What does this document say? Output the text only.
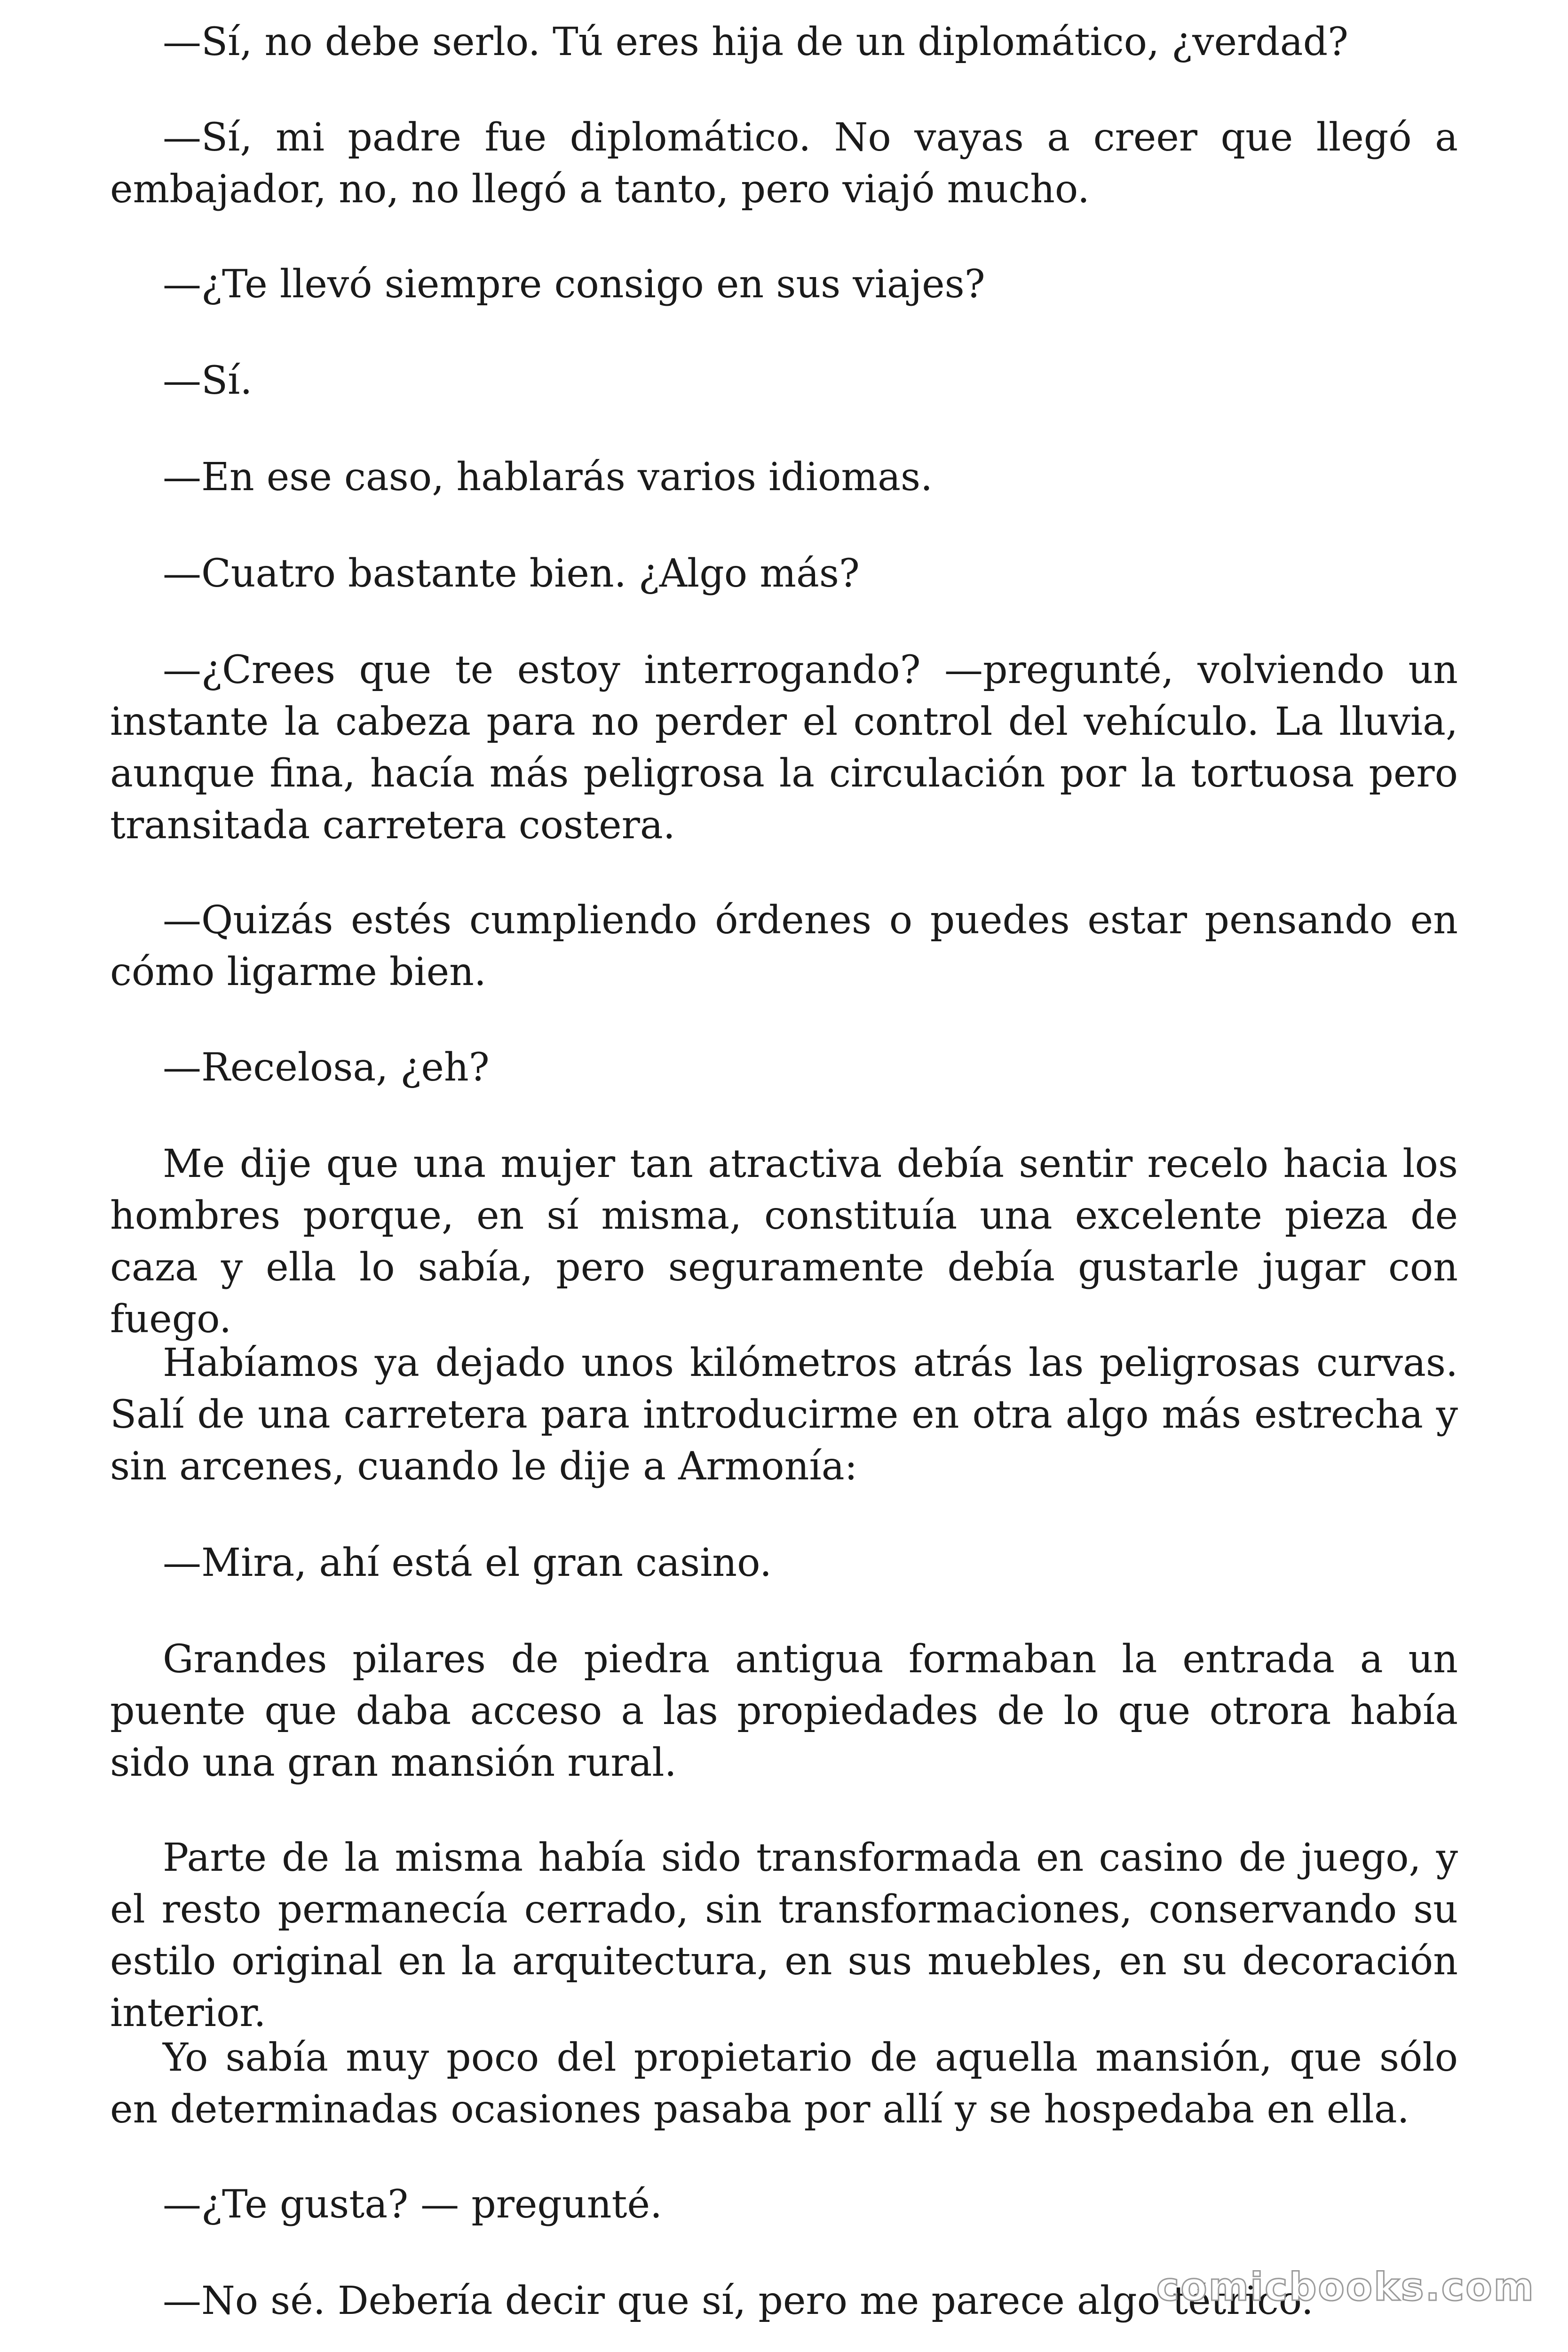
—Sí, no debe serlo. Tú eres hija de un diplomático, ¿verdad?

—Sí, mi padre fue diplomático. No vayas a creer que llegó a embajador, no, no llegó a tanto, pero viajó mucho.

—¿Te llevó siempre consigo en sus viajes?

—Sí.

—En ese caso, hablarás varios idiomas.

—Cuatro bastante bien. ¿Algo más?

—¿Crees que te estoy interrogando? —pregunté, volviendo un instante la cabeza para no perder el control del vehículo. La lluvia, aunque fina, hacía más peligrosa la circulación por la tortuosa pero transitada carretera costera.

—Quizás estés cumpliendo órdenes o puedes estar pensando en cómo ligarme bien.

—Recelosa, ¿eh?

Me dije que una mujer tan atractiva debía sentir recelo hacia los hombres porque, en sí misma, constituía una excelente pieza de caza y ella lo sabía, pero seguramente debía gustarle jugar con fuego.

Habíamos ya dejado unos kilómetros atrás las peligrosas curvas. Salí de una carretera para introducirme en otra algo más estrecha y sin arcenes, cuando le dije a Armonía:

—Mira, ahí está el gran casino.

Grandes pilares de piedra antigua formaban la entrada a un puente que daba acceso a las propiedades de lo que otrora había sido una gran mansión rural.

Parte de la misma había sido transformada en casino de juego, y el resto permanecía cerrado, sin transformaciones, conservando su estilo original en la arquitectura, en sus muebles, en su decoración interior.

Yo sabía muy poco del propietario de aquella mansión, que sólo en determinadas ocasiones pasaba por allí y se hospedaba en ella.

—¿Te gusta? — pregunté.

—No sé. Debería decir que sí, pero me parece algo tétrico.

comicbooks.com
